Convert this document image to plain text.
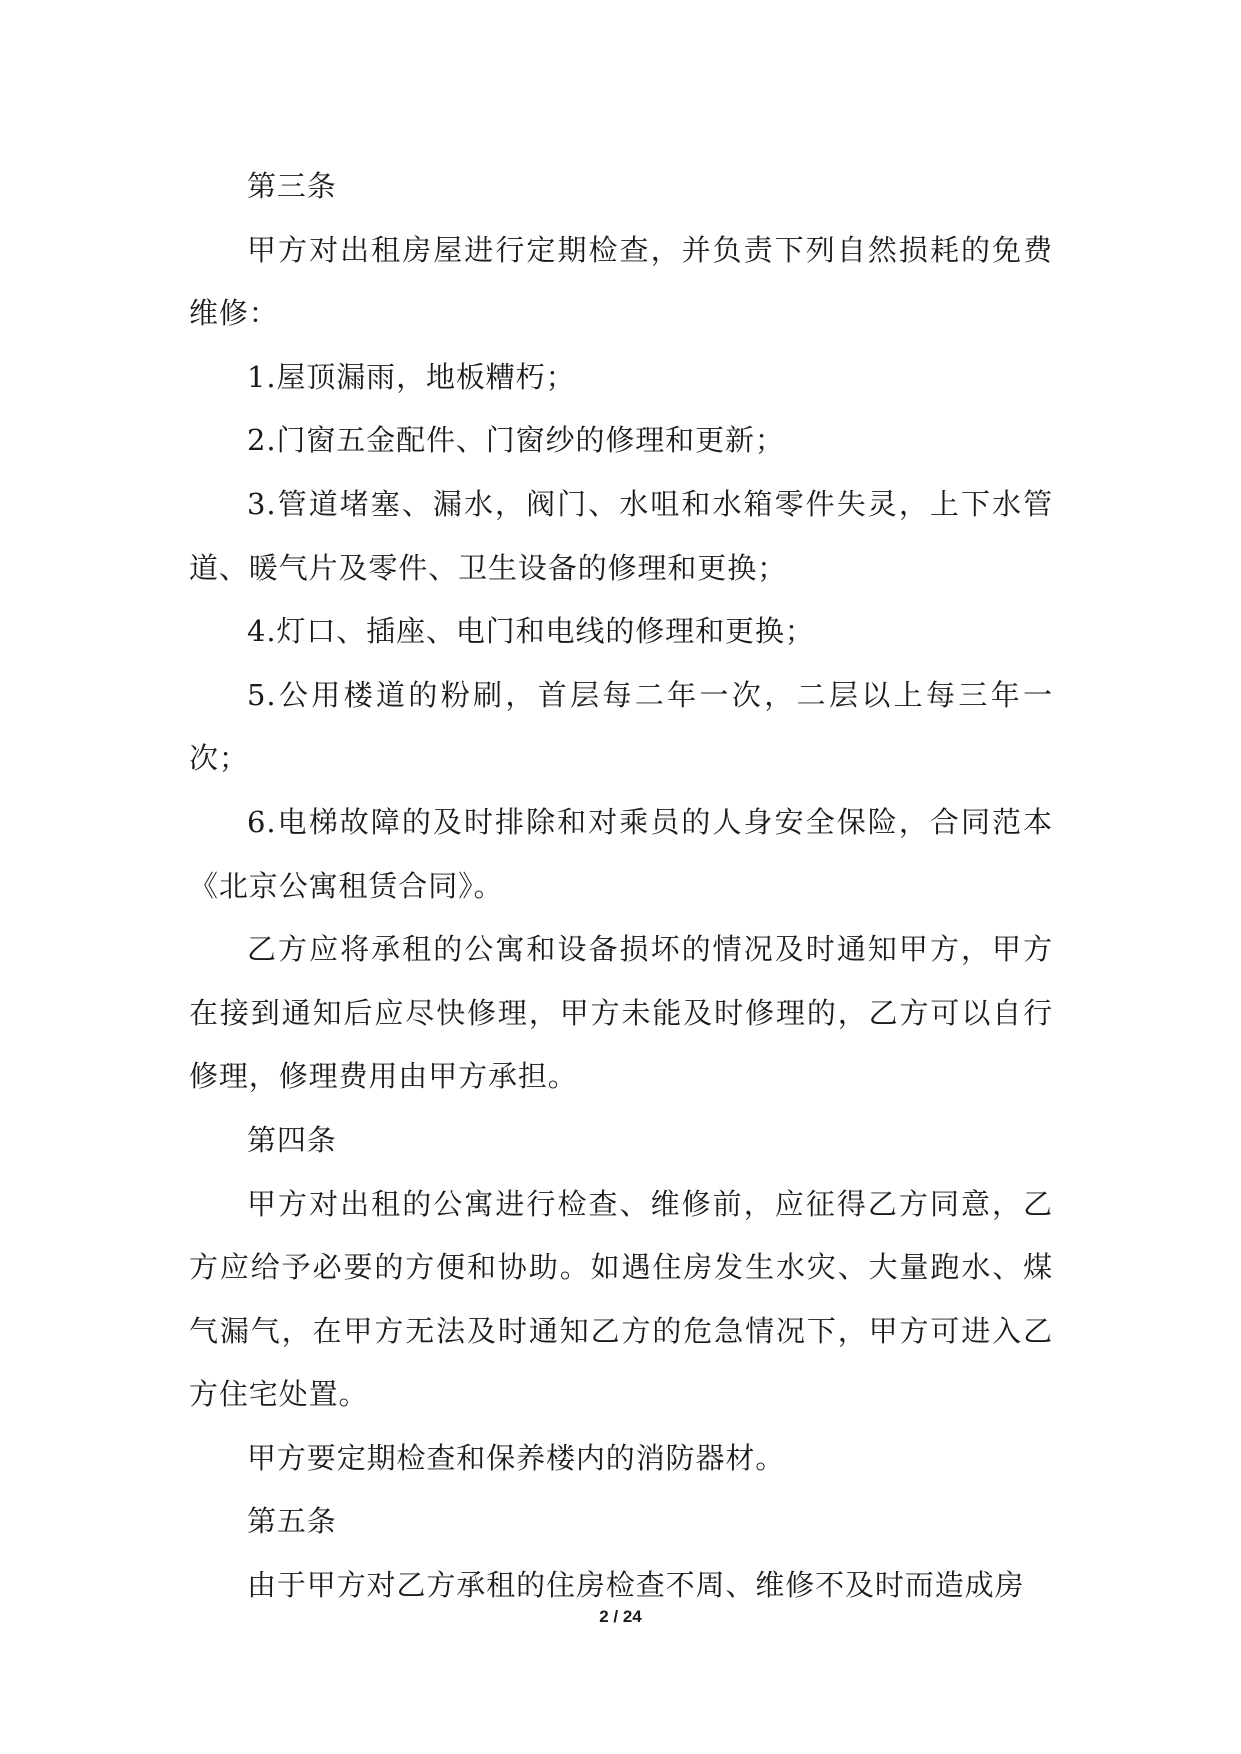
第三条

甲方对出租房屋进行定期检查，并负责下列自然损耗的免费维修：

1.屋顶漏雨，地板糟朽；

2.门窗五金配件、门窗纱的修理和更新；

3.管道堵塞、漏水，阀门、水咀和水箱零件失灵，上下水管道、暖气片及零件、卫生设备的修理和更换；

4.灯口、插座、电门和电线的修理和更换；

5.公用楼道的粉刷，首层每二年一次，二层以上每三年一次；

6.电梯故障的及时排除和对乘员的人身安全保险，合同范本《北京公寓租赁合同》。

乙方应将承租的公寓和设备损坏的情况及时通知甲方，甲方在接到通知后应尽快修理，甲方未能及时修理的，乙方可以自行修理，修理费用由甲方承担。

第四条

甲方对出租的公寓进行检查、维修前，应征得乙方同意，乙方应给予必要的方便和协助。如遇住房发生水灾、大量跑水、煤气漏气，在甲方无法及时通知乙方的危急情况下，甲方可进入乙方住宅处置。

甲方要定期检查和保养楼内的消防器材。

第五条

由于甲方对乙方承租的住房检查不周、维修不及时而造成房

2 / 24
